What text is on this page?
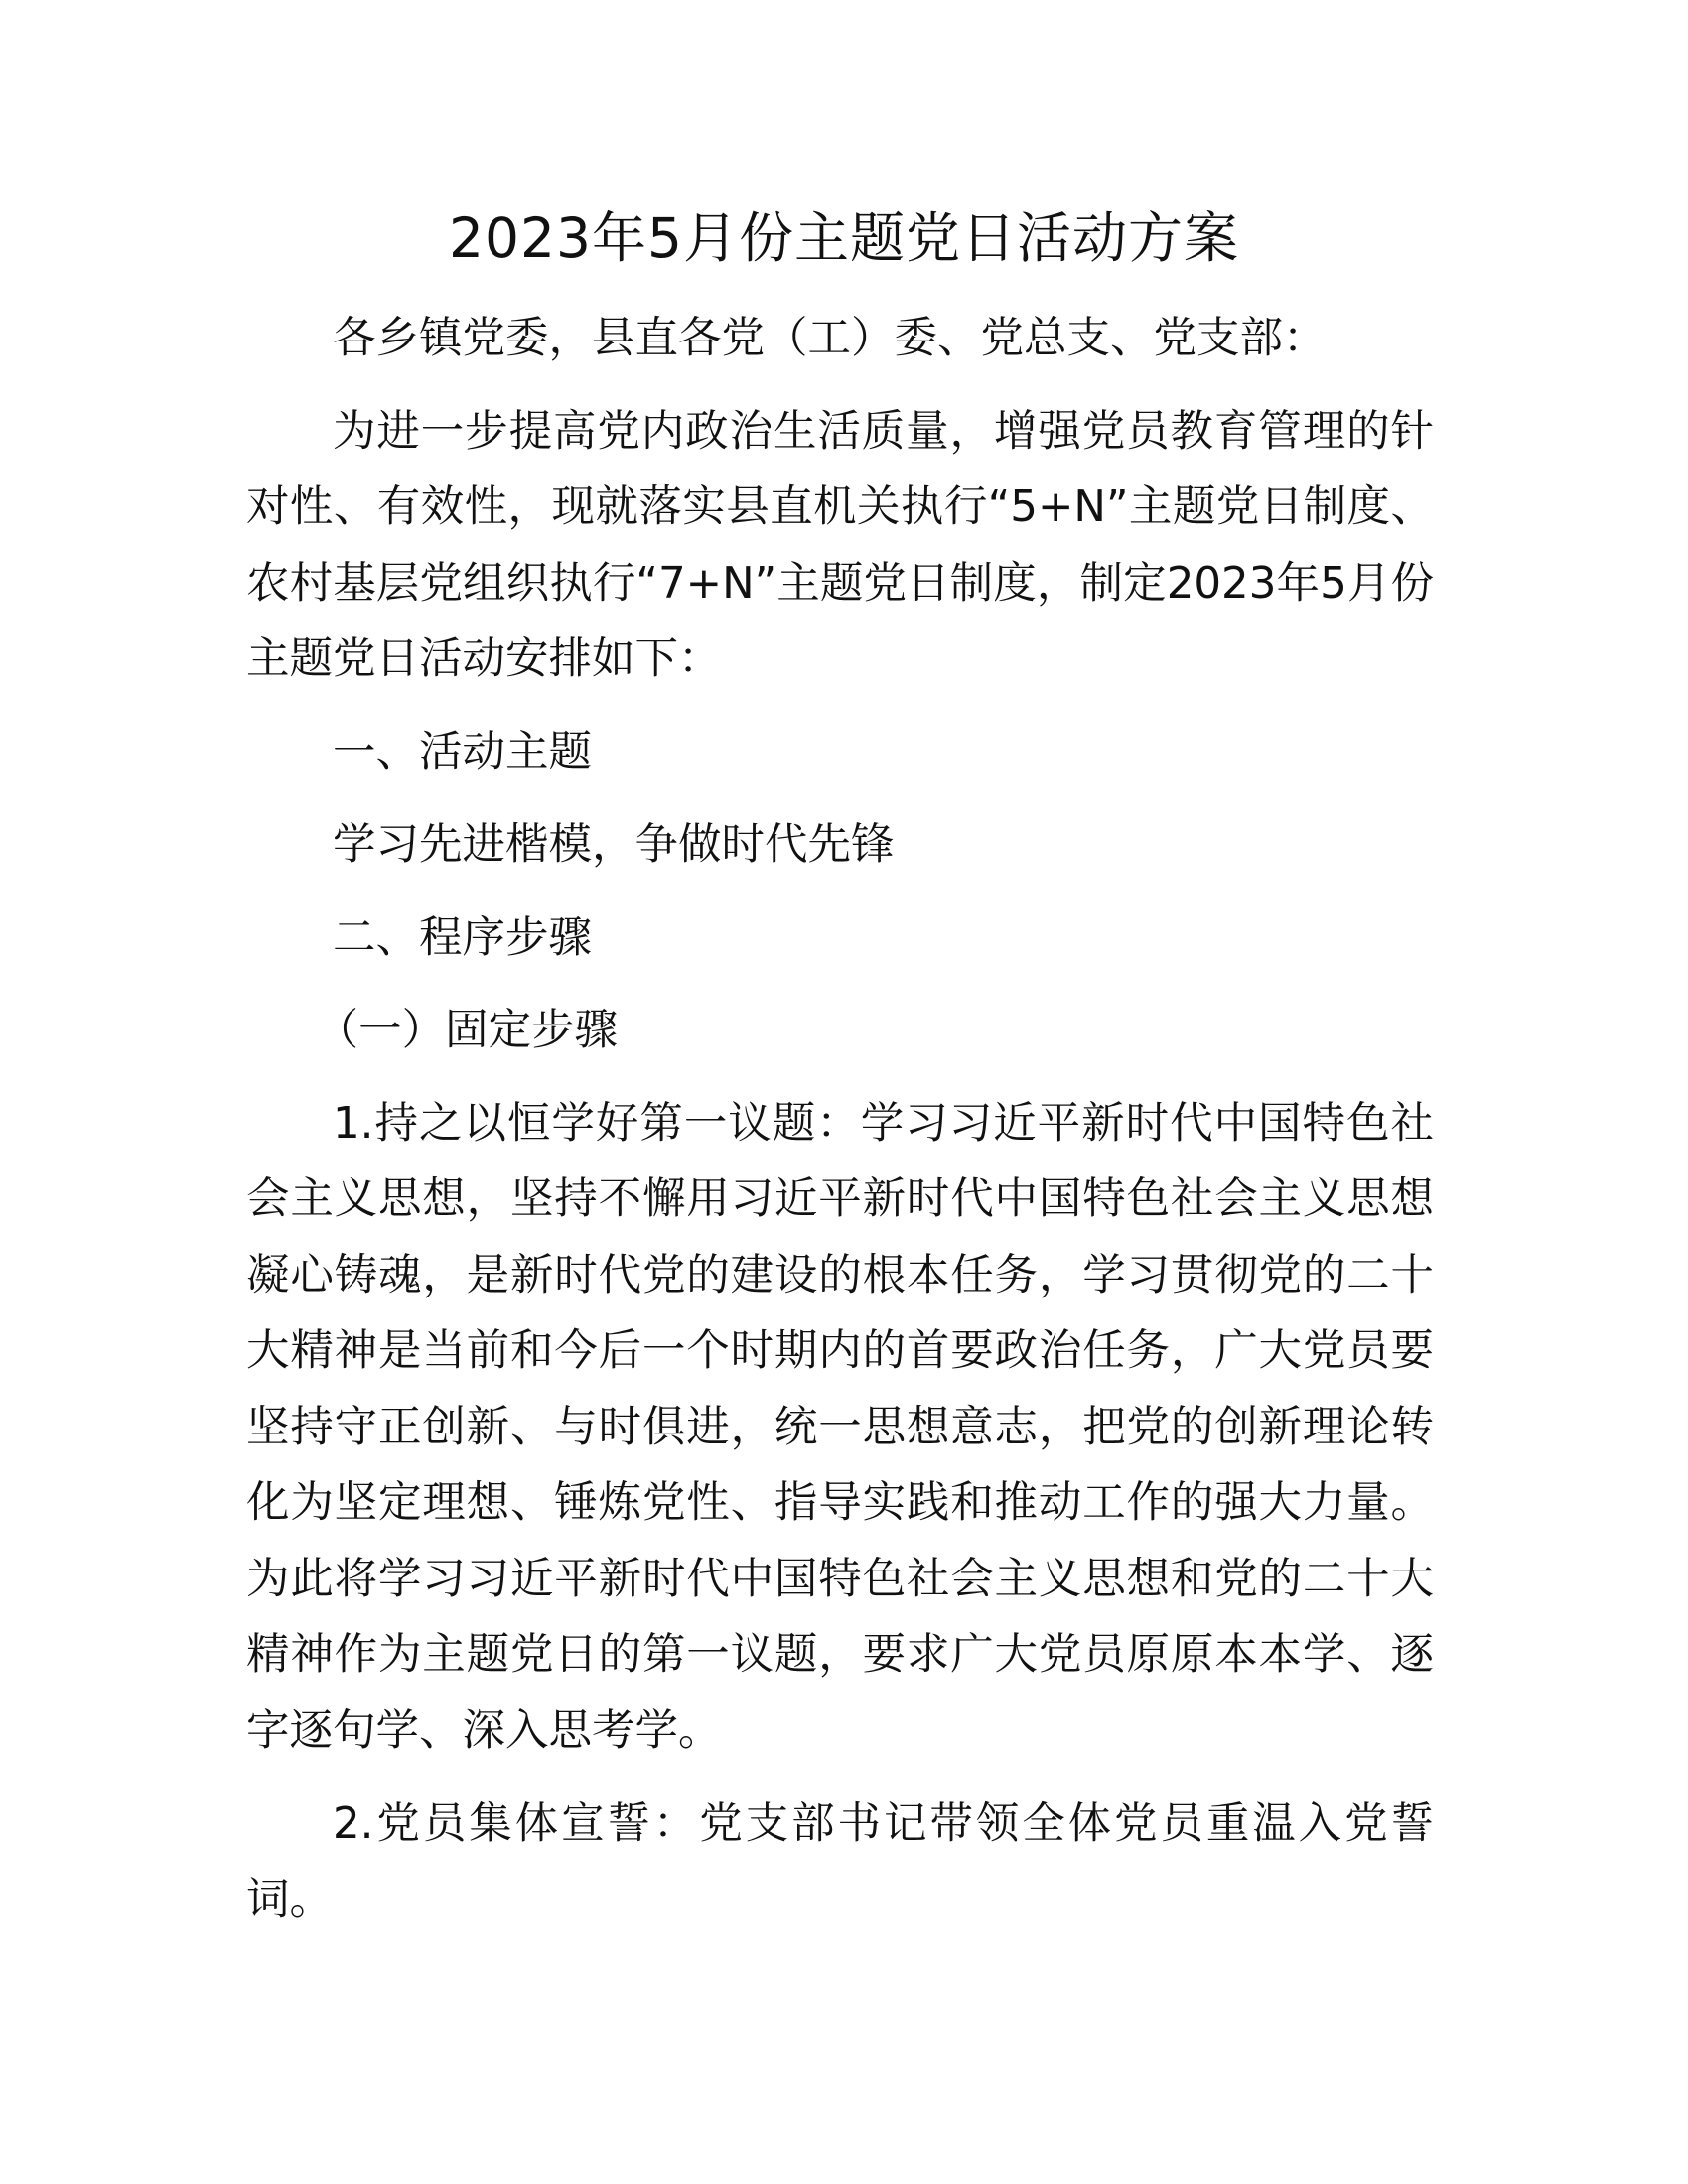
2023年5月份主题党日活动方案

各乡镇党委，县直各党（工）委、党总支、党支部：

为进一步提高党内政治生活质量，增强党员教育管理的针对性、有效性，现就落实县直机关执行“5+N”主题党日制度、农村基层党组织执行“7+N”主题党日制度，制定2023年5月份主题党日活动安排如下：

一、活动主题

学习先进楷模，争做时代先锋

二、程序步骤

（一）固定步骤

1.持之以恒学好第一议题：学习习近平新时代中国特色社会主义思想，坚持不懈用习近平新时代中国特色社会主义思想凝心铸魂，是新时代党的建设的根本任务，学习贯彻党的二十大精神是当前和今后一个时期内的首要政治任务，广大党员要坚持守正创新、与时俱进，统一思想意志，把党的创新理论转化为坚定理想、锤炼党性、指导实践和推动工作的强大力量。为此将学习习近平新时代中国特色社会主义思想和党的二十大精神作为主题党日的第一议题，要求广大党员原原本本学、逐字逐句学、深入思考学。

2.党员集体宣誓：党支部书记带领全体党员重温入党誓词。
